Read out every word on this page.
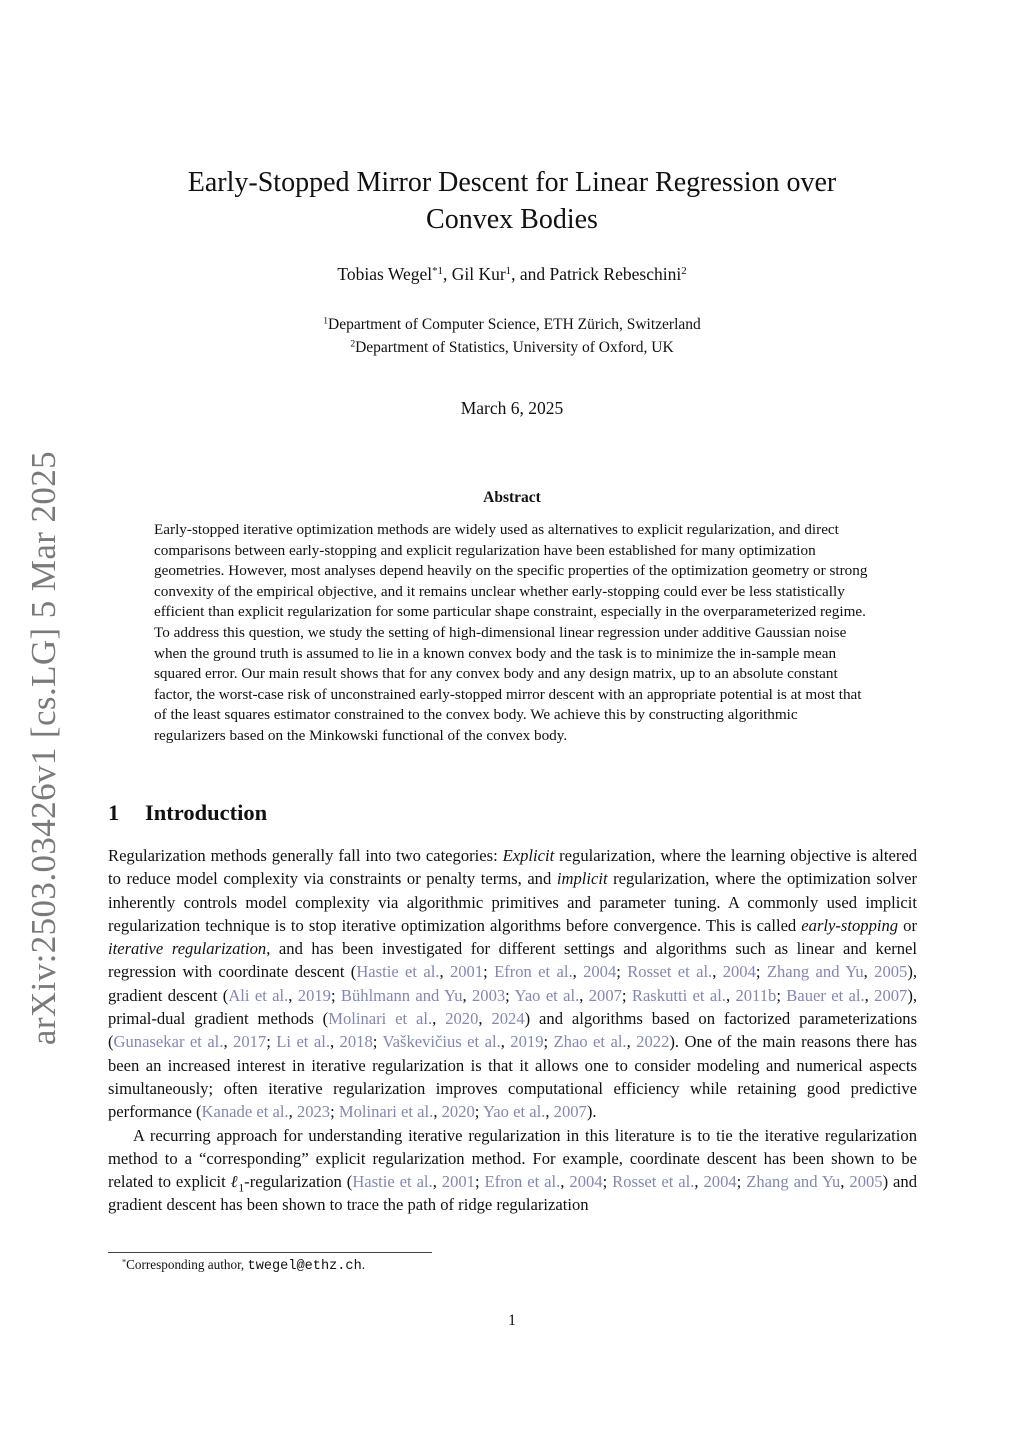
arXiv:2503.03426v1 [cs.LG] 5 Mar 2025
Early-Stopped Mirror Descent for Linear Regression over
Convex Bodies
Tobias Wegel$^{*1}$, Gil Kur$^1$, and Patrick Rebeschini$^2$
$^1$Department of Computer Science, ETH Zürich, Switzerland
$^2$Department of Statistics, University of Oxford, UK
March 6, 2025
Abstract
Early-stopped iterative optimization methods are widely used as alternatives to explicit regularization, and direct comparisons between early-stopping and explicit regularization have been established for many optimization geometries. However, most analyses depend heavily on the specific properties of the optimization geometry or strong convexity of the empirical objective, and it remains unclear whether early-stopping could ever be less statistically efficient than explicit regularization for some particular shape constraint, especially in the overparameterized regime. To address this question, we study the setting of high-dimensional linear regression under additive Gaussian noise when the ground truth is assumed to lie in a known convex body and the task is to minimize the in-sample mean squared error. Our main result shows that for any convex body and any design matrix, up to an absolute constant factor, the worst-case risk of unconstrained early-stopped mirror descent with an appropriate potential is at most that of the least squares estimator constrained to the convex body. We achieve this by constructing algorithmic regularizers based on the Minkowski functional of the convex body.
1 Introduction

Regularization methods generally fall into two categories: Explicit regularization, where the learning objective is altered to reduce model complexity via constraints or penalty terms, and implicit regularization, where the optimization solver inherently controls model complexity via algorithmic primitives and parameter tuning. A commonly used implicit regularization technique is to stop iterative optimization algorithms before convergence. This is called early-stopping or iterative regularization, and has been investigated for different settings and algorithms such as linear and kernel regression with coordinate descent (Hastie et al., 2001; Efron et al., 2004; Rosset et al., 2004; Zhang and Yu, 2005), gradient descent (Ali et al., 2019; Bühlmann and Yu, 2003; Yao et al., 2007; Raskutti et al., 2011b; Bauer et al., 2007), primal-dual gradient methods (Molinari et al., 2020, 2024) and algorithms based on factorized parameterizations (Gunasekar et al., 2017; Li et al., 2018; Vaškevičius et al., 2019; Zhao et al., 2022). One of the main reasons there has been an increased interest in iterative regularization is that it allows one to consider modeling and numerical aspects simultaneously; often iterative regularization improves computational efficiency while retaining good predictive performance (Kanade et al., 2023; Molinari et al., 2020; Yao et al., 2007).

A recurring approach for understanding iterative regularization in this literature is to tie the iterative regularization method to a “corresponding” explicit regularization method. For example, coordinate descent has been shown to be related to explicit ℓ$_1$-regularization (Hastie et al., 2001; Efron et al., 2004; Rosset et al., 2004; Zhang and Yu, 2005) and gradient descent has been shown to trace the path of ridge regularization

*Corresponding author, twegel@ethz.ch.
1
